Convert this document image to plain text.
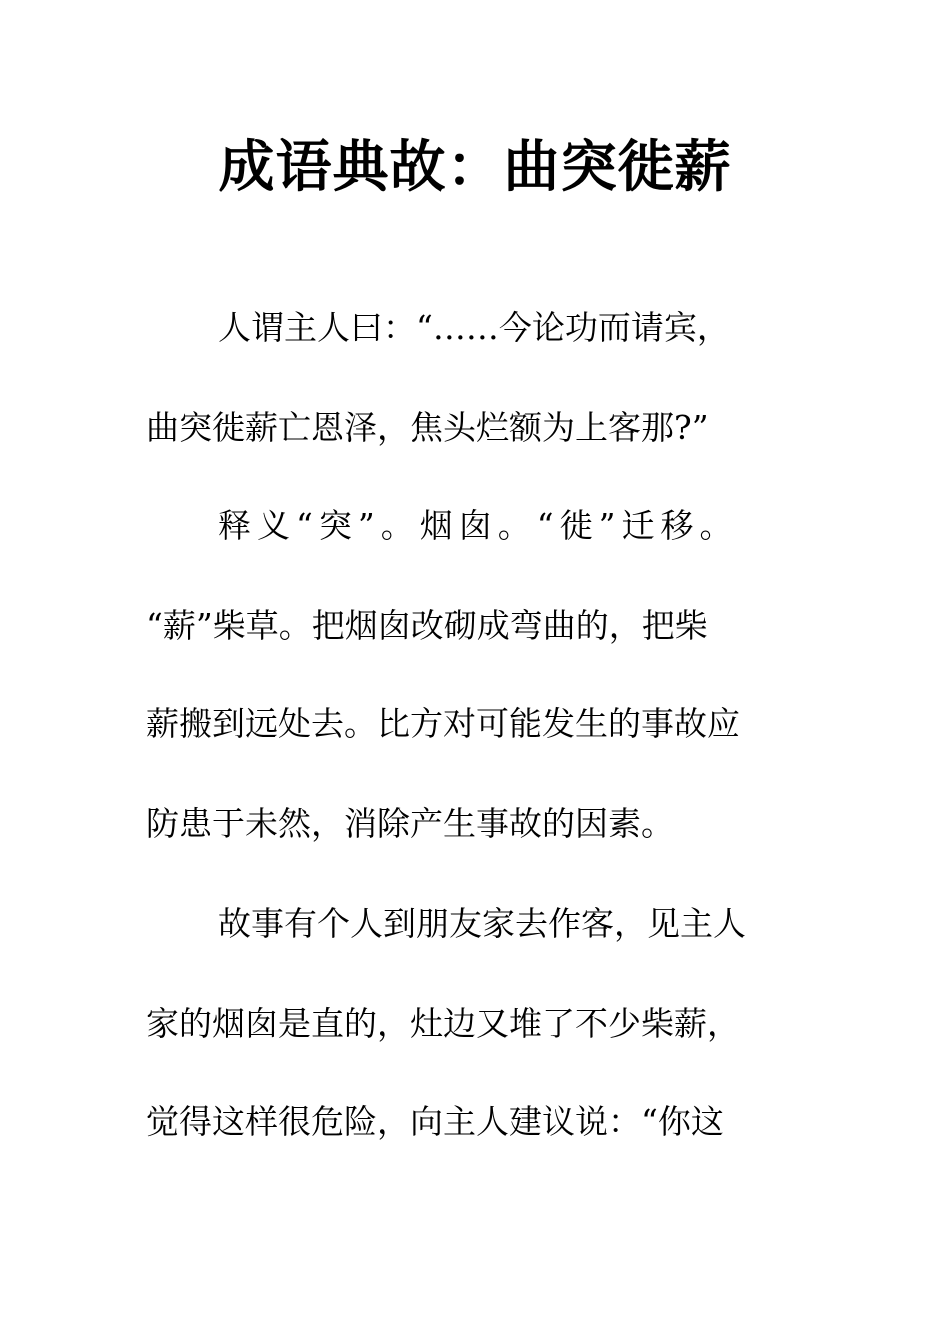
成语典故：曲突徙薪
人谓主人曰：“……今论功而请宾，
曲突徙薪亡恩泽，焦头烂额为上客那?”
释义“突”。烟囱。“徙”迁移。
“薪”柴草。把烟囱改砌成弯曲的，把柴
薪搬到远处去。比方对可能发生的事故应
防患于未然，消除产生事故的因素。
故事有个人到朋友家去作客，见主人
家的烟囱是直的，灶边又堆了不少柴薪，
觉得这样很危险，向主人建议说：“你这
